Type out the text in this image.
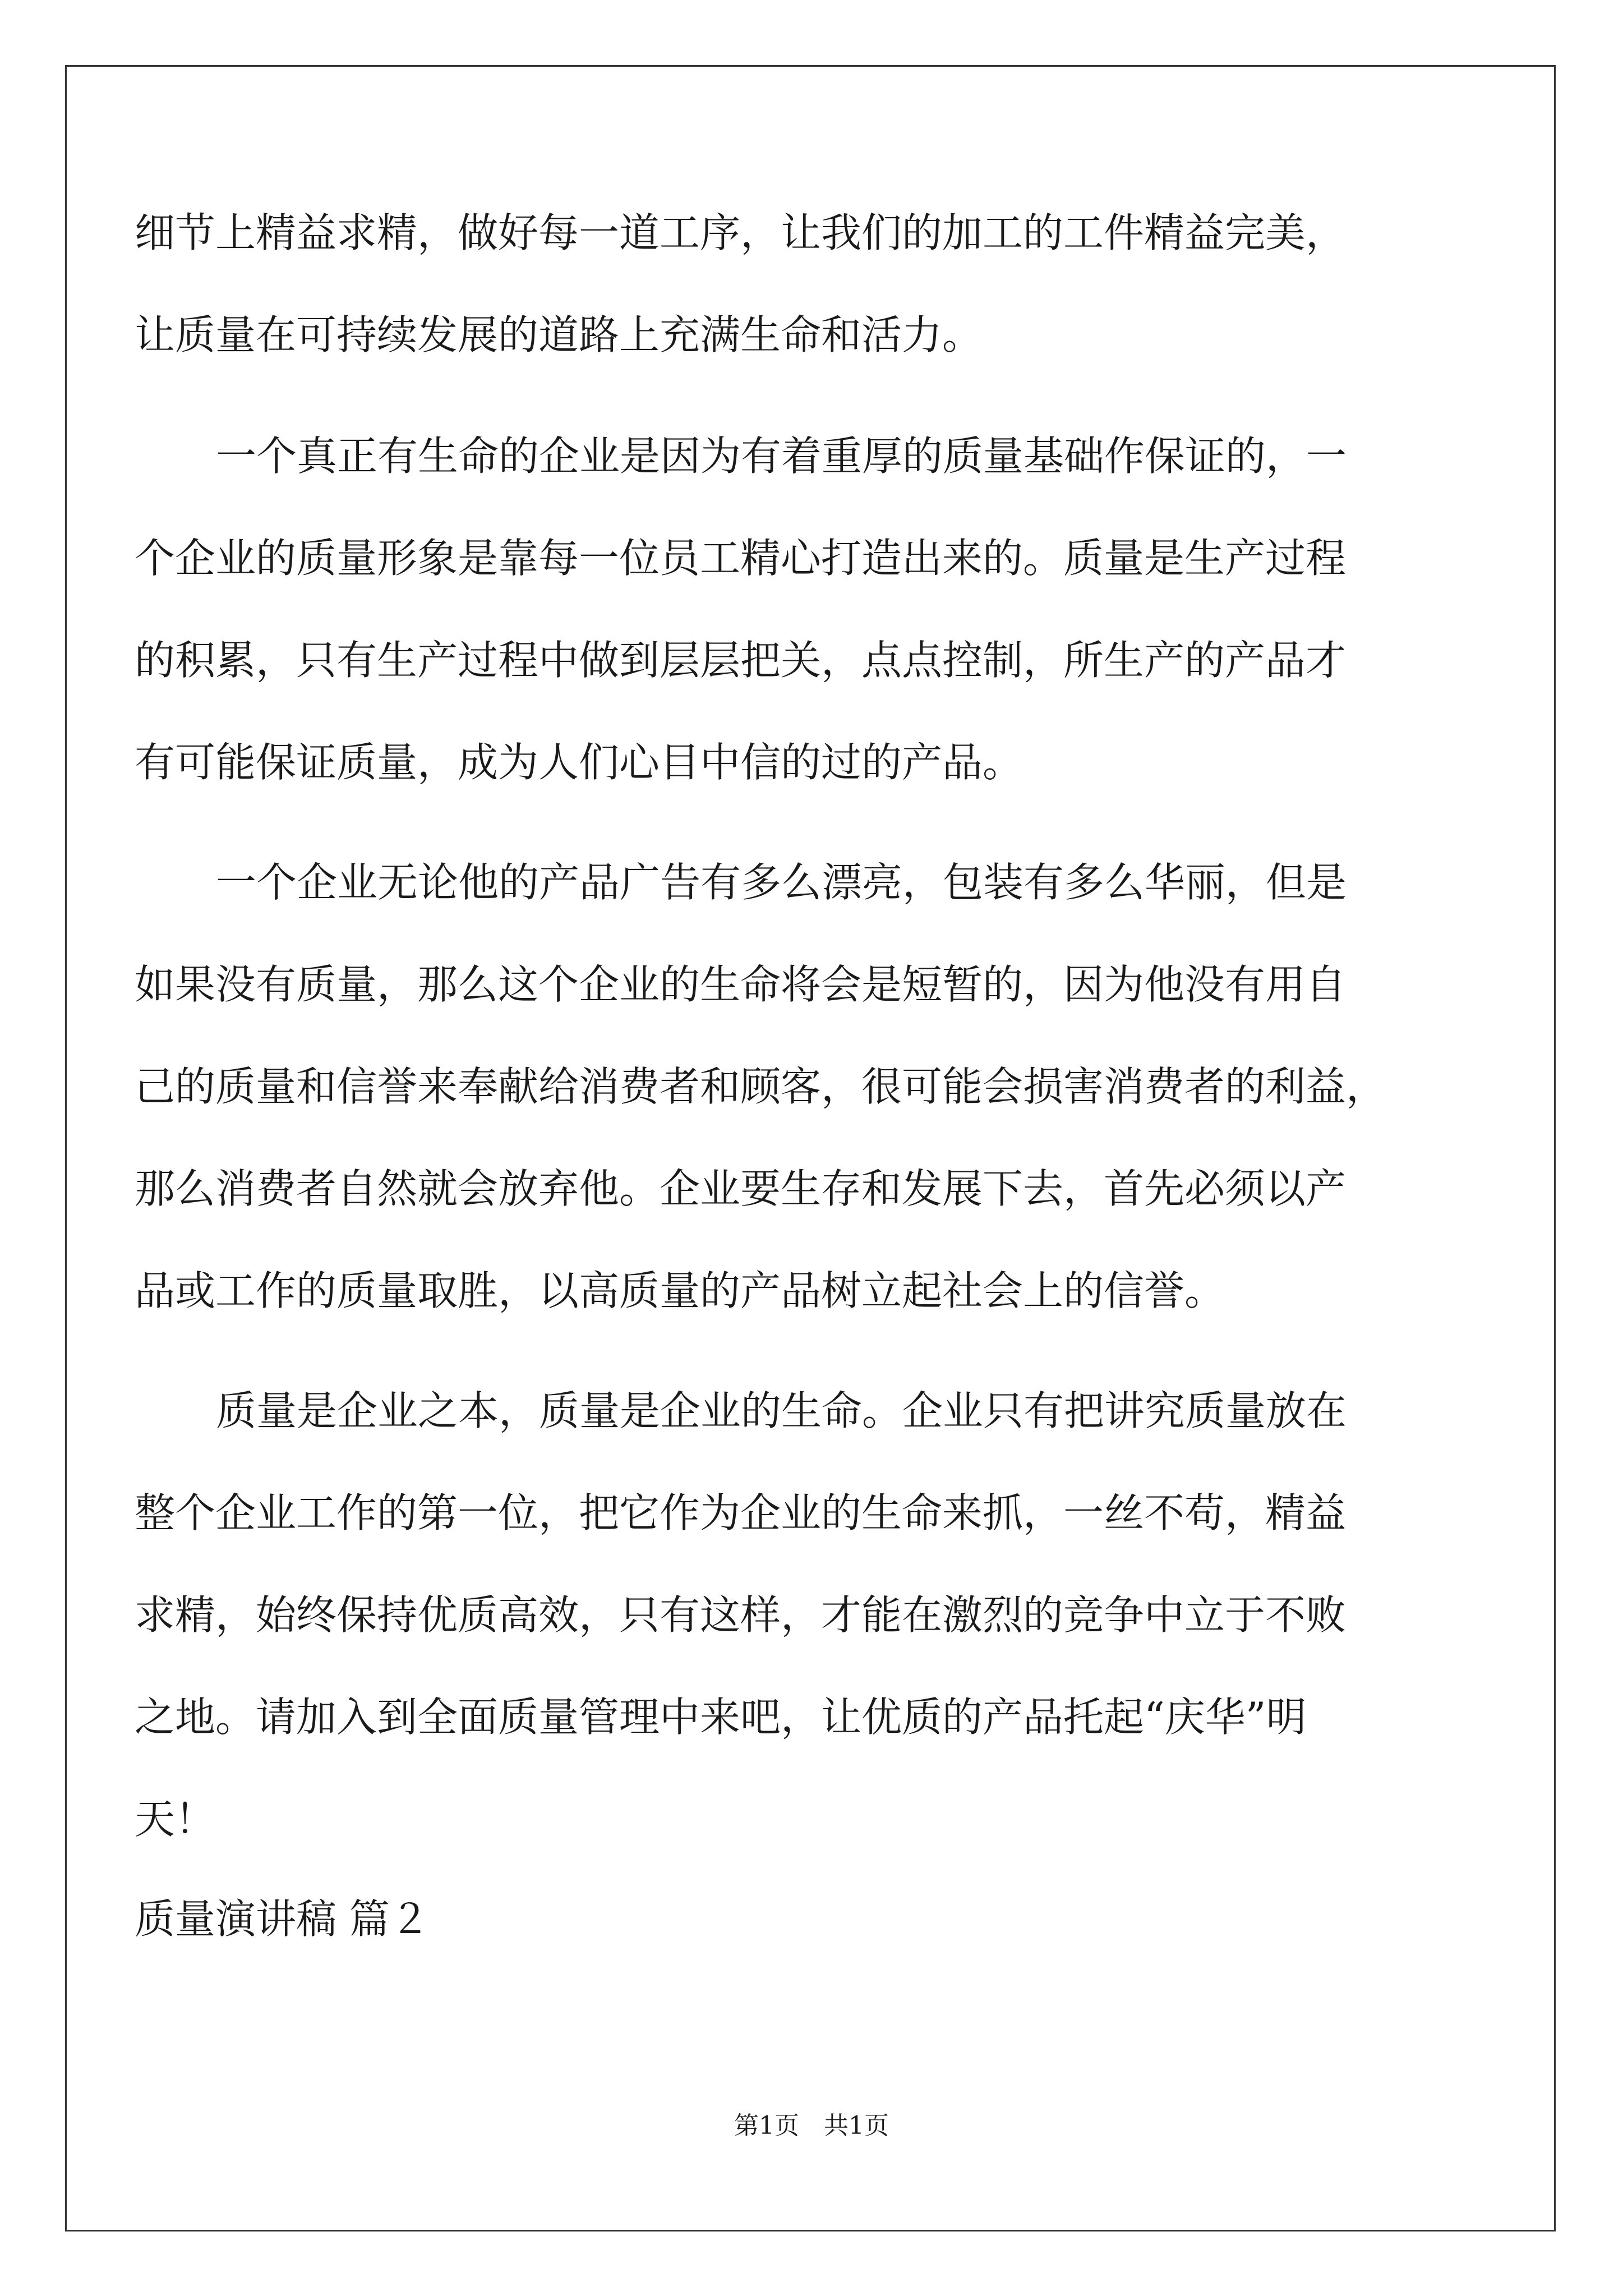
细节上精益求精，做好每一道工序，让我们的加工的工件精益完美，
让质量在可持续发展的道路上充满生命和活力。
一个真正有生命的企业是因为有着重厚的质量基础作保证的，一
个企业的质量形象是靠每一位员工精心打造出来的。质量是生产过程
的积累，只有生产过程中做到层层把关，点点控制，所生产的产品才
有可能保证质量，成为人们心目中信的过的产品。
一个企业无论他的产品广告有多么漂亮，包装有多么华丽，但是
如果没有质量，那么这个企业的生命将会是短暂的，因为他没有用自
己的质量和信誉来奉献给消费者和顾客，很可能会损害消费者的利益，
那么消费者自然就会放弃他。企业要生存和发展下去，首先必须以产
品或工作的质量取胜，以高质量的产品树立起社会上的信誉。
质量是企业之本，质量是企业的生命。企业只有把讲究质量放在
整个企业工作的第一位，把它作为企业的生命来抓，一丝不苟，精益
求精，始终保持优质高效，只有这样，才能在激烈的竞争中立于不败
之地。请加入到全面质量管理中来吧，让优质的产品托起“庆华”明
天！
质量演讲稿 篇２
第1页　共1页
